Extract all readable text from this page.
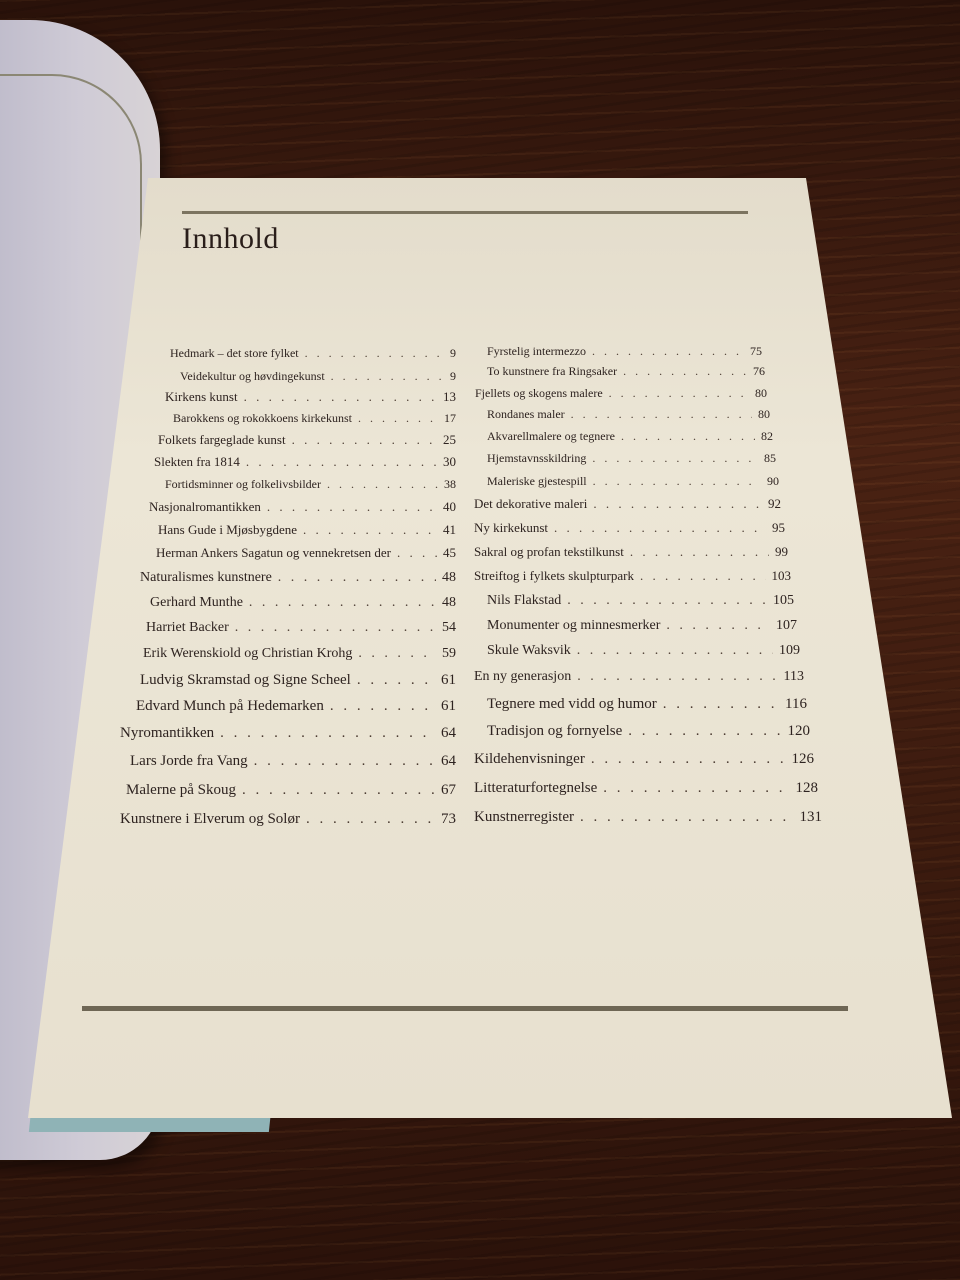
Innhold
Hedmark – det store fylket . . .	9
Veidekultur og høvdingekunst . . .	9
Kirkens kunst . . .	13
Barokkens og rokokkoens kirkekunst . . .	17
Folkets fargeglade kunst . . .	25
Slekten fra 1814 . . .	30
Fortidsminner og folkelivsbilder . . .	38
Nasjonalromantikken . . .	40
Hans Gude i Mjøsbygdene . . .	41
Herman Ankers Sagatun og vennekretsen der . . .	45
Naturalismes kunstnere . . .	48
Gerhard Munthe . . .	48
Harriet Backer . . .	54
Erik Werenskiold og Christian Krohg . . .	59
Ludvig Skramstad og Signe Scheel . . .	61
Edvard Munch på Hedemarken . . .	61
Nyromantikken . . .	64
Lars Jorde fra Vang . . .	64
Malerne på Skoug . . .	67
Kunstnere i Elverum og Solør . . .	73
Fyrstelig intermezzo . . .	75
To kunstnere fra Ringsaker . . .	76
Fjellets og skogens malere . . .	80
Rondanes maler . . .	80
Akvarellmalere og tegnere . . .	82
Hjemstavnsskildring . . .	85
Maleriske gjestespill . . .	90
Det dekorative maleri . . .	92
Ny kirkekunst . . .	95
Sakral og profan tekstilkunst . . .	99
Streiftog i fylkets skulpturpark . . .	103
Nils Flakstad . . .	105
Monumenter og minnesmerker . . .	107
Skule Waksvik . . .	109
En ny generasjon . . .	113
Tegnere med vidd og humor . . .	116
Tradisjon og fornyelse . . .	120
Kildehenvisninger . . .	126
Litteraturfortegnelse . . .	128
Kunstnerregister . . .	131
